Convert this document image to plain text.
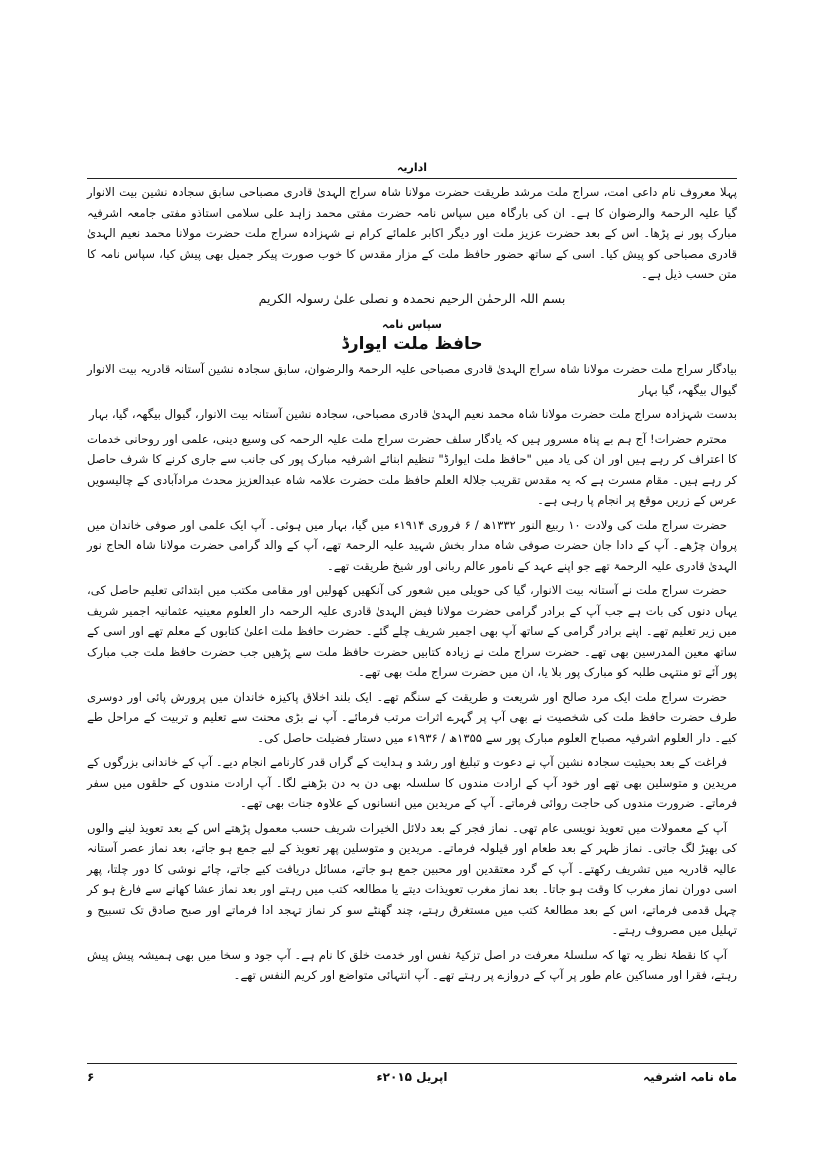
اداریہ

پہلا معروف نام داعی امت، سراج ملت مرشد طریقت حضرت مولانا شاہ سراج الہدیٰ قادری مصباحی سابق سجادہ نشین بیت الانوار گیا علیہ الرحمۃ والرضوان کا ہے۔ ان کی بارگاہ میں سپاس نامہ حضرت مفتی محمد زاہد علی سلامی استاذو مفتی جامعہ اشرفیہ مبارک پور نے پڑھا۔ اس کے بعد حضرت عزیز ملت اور دیگر اکابر علمائے کرام نے شہزادہ سراج ملت حضرت مولانا محمد نعیم الہدیٰ قادری مصباحی کو پیش کیا۔ اسی کے ساتھ حضور حافظ ملت کے مزار مقدس کا خوب صورت پیکر جمیل بھی پیش کیا، سپاس نامہ کا متن حسب ذیل ہے۔

بسم اللہ الرحمٰن الرحیم نحمدہ و نصلی علیٰ رسولہ الکریم

سپاس نامہ

حافظ ملت ایوارڈ

بیادگار سراج ملت حضرت مولانا شاہ سراج الہدیٰ قادری مصباحی علیہ الرحمۃ والرضوان، سابق سجادہ نشین آستانہ قادریہ بیت الانوار گیوال بیگھہ، گیا بہار

بدست شہزادہ سراج ملت حضرت مولانا شاہ محمد نعیم الہدیٰ قادری مصباحی، سجادہ نشین آستانہ بیت الانوار، گیوال بیگھہ، گیا، بہار

محترم حضرات! آج ہم بے پناہ مسرور ہیں کہ یادگار سلف حضرت سراج ملت علیہ الرحمہ کی وسیع دینی، علمی اور روحانی خدمات کا اعتراف کر رہے ہیں اور ان کی یاد میں "حافظ ملت ایوارڈ" تنظیم ابنائے اشرفیہ مبارک پور کی جانب سے جاری کرنے کا شرف حاصل کر رہے ہیں۔ مقام مسرت ہے کہ یہ مقدس تقریب جلالۃ العلم حافظ ملت حضرت علامہ شاہ عبدالعزیز محدث مرادآبادی کے چالیسویں عرس کے زریں موقع پر انجام پا رہی ہے۔

حضرت سراج ملت کی ولادت ۱۰ ربیع النور ۱۳۳۲ھ / ۶ فروری ۱۹۱۴ء میں گیا، بہار میں ہوئی۔ آپ ایک علمی اور صوفی خاندان میں پروان چڑھے۔ آپ کے دادا جان حضرت صوفی شاہ مدار بخش شہید علیہ الرحمۃ تھے، آپ کے والد گرامی حضرت مولانا شاہ الحاج نور الہدیٰ قادری علیہ الرحمۃ تھے جو اپنے عہد کے نامور عالم ربانی اور شیخ طریقت تھے۔

حضرت سراج ملت نے آستانہ بیت الانوار، گیا کی حویلی میں شعور کی آنکھیں کھولیں اور مقامی مکتب میں ابتدائی تعلیم حاصل کی، یہاں دنوں کی بات ہے جب آپ کے برادر گرامی حضرت مولانا فیض الہدیٰ قادری علیہ الرحمہ دار العلوم معینیہ عثمانیہ اجمیر شریف میں زیر تعلیم تھے۔ اپنے برادر گرامی کے ساتھ آپ بھی اجمیر شریف چلے گئے۔ حضرت حافظ ملت اعلیٰ کتابوں کے معلم تھے اور اسی کے ساتھ معین المدرسین بھی تھے۔ حضرت سراج ملت نے زیادہ کتابیں حضرت حافظ ملت سے پڑھیں جب حضرت حافظ ملت جب مبارک پور آئے تو منتہی طلبہ کو مبارک پور بلا یا، ان میں حضرت سراج ملت بھی تھے۔

حضرت سراج ملت ایک مرد صالح اور شریعت و طریقت کے سنگم تھے۔ ایک بلند اخلاق پاکیزہ خاندان میں پرورش پائی اور دوسری طرف حضرت حافظ ملت کی شخصیت نے بھی آپ پر گہرے اثرات مرتب فرمائے۔ آپ نے بڑی محنت سے تعلیم و تربیت کے مراحل طے کیے۔ دار العلوم اشرفیہ مصباح العلوم مبارک پور سے ۱۳۵۵ھ / ۱۹۳۶ء میں دستار فضیلت حاصل کی۔

فراغت کے بعد بحیثیت سجادہ نشین آپ نے دعوت و تبلیغ اور رشد و ہدایت کے گراں قدر کارنامے انجام دیے۔ آپ کے خاندانی بزرگوں کے مریدین و متوسلین بھی تھے اور خود آپ کے ارادت مندوں کا سلسلہ بھی دن بہ دن بڑھنے لگا۔ آپ ارادت مندوں کے حلقوں میں سفر فرماتے۔ ضرورت مندوں کی حاجت روائی فرماتے۔ آپ کے مریدین میں انسانوں کے علاوہ جنات بھی تھے۔

آپ کے معمولات میں تعویذ نویسی عام تھی۔ نماز فجر کے بعد دلائل الخیرات شریف حسب معمول پڑھتے اس کے بعد تعویذ لینے والوں کی بھیڑ لگ جاتی۔ نماز ظہر کے بعد طعام اور قیلولہ فرماتے۔ مریدین و متوسلین پھر تعویذ کے لیے جمع ہو جاتے، بعد نماز عصر آستانہ عالیہ قادریہ میں تشریف رکھتے۔ آپ کے گرد معتقدین اور محبین جمع ہو جاتے، مسائل دریافت کیے جاتے، چائے نوشی کا دور چلتا، پھر اسی دوران نماز مغرب کا وقت ہو جاتا۔ بعد نماز مغرب تعویذات دیتے یا مطالعہ کتب میں رہتے اور بعد نماز عشا کھانے سے فارغ ہو کر چہل قدمی فرماتے، اس کے بعد مطالعۂ کتب میں مستغرق رہتے، چند گھنٹے سو کر نماز تہجد ادا فرماتے اور صبح صادق تک تسبیح و تہلیل میں مصروف رہتے۔

آپ کا نقطۂ نظر یہ تھا کہ سلسلۂ معرفت در اصل تزکیۂ نفس اور خدمت خلق کا نام ہے۔ آپ جود و سخا میں بھی ہمیشہ پیش پیش رہتے، فقرا اور مساکین عام طور پر آپ کے دروازے پر رہتے تھے۔ آپ انتہائی متواضع اور کریم النفس تھے۔

ماہ نامہ اشرفیہ
اپریل ۲۰۱۵ء
۶
